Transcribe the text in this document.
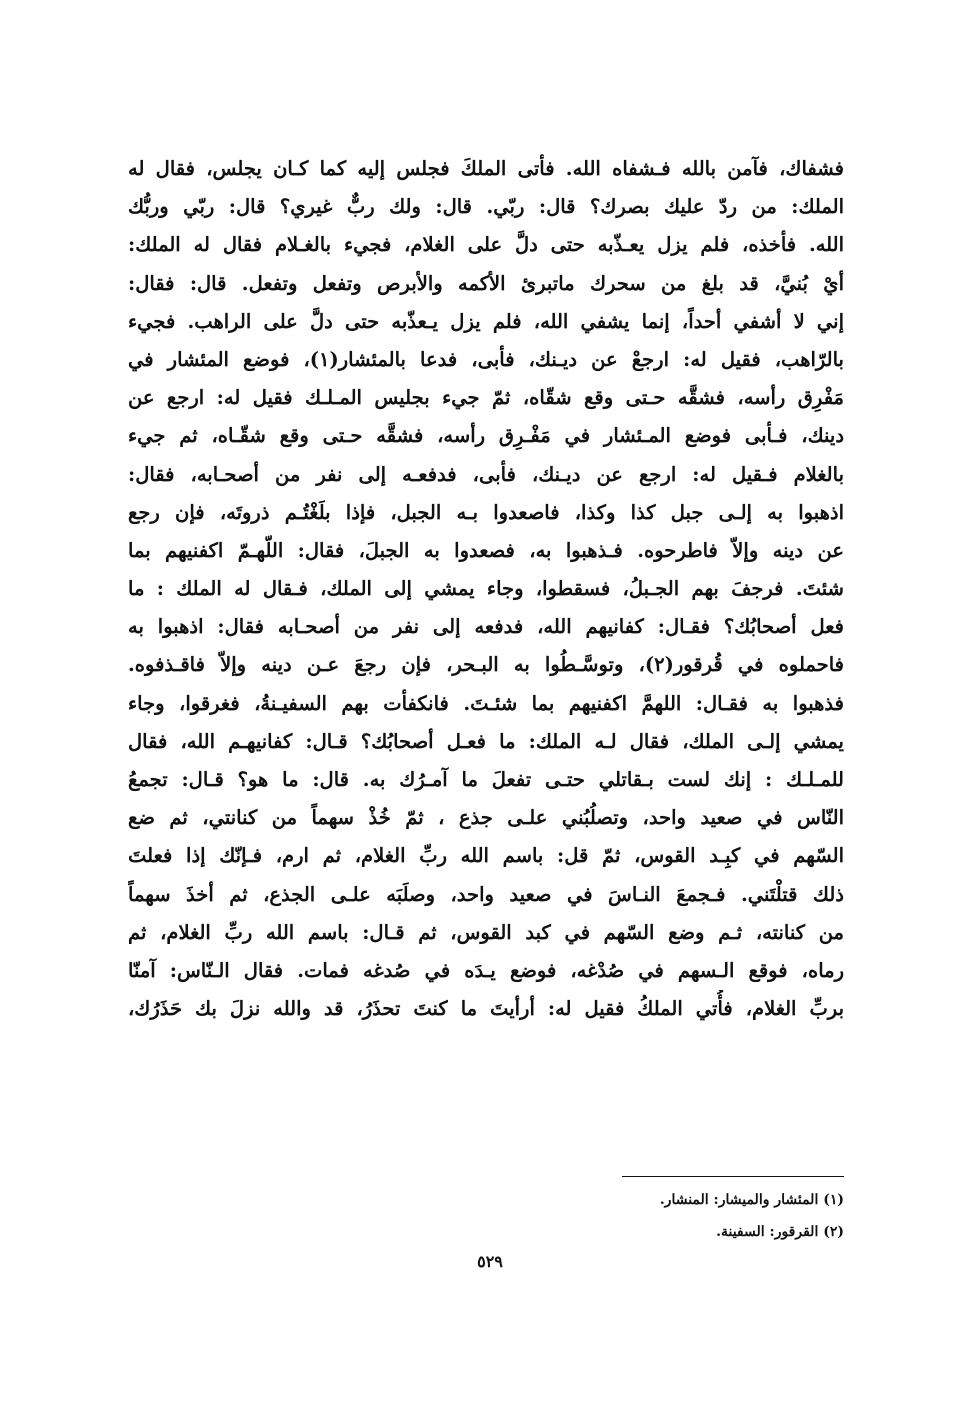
فشفاك، فآمن بالله فـشفاه الله. فأتى الملكَ فجلس إليه كما كـان يجلس، فقال له
الملك: من ردّ عليك بصرك؟ قال: ربّي. قال: ولك ربٌّ غيري؟ قال: ربّي وربُّك
الله. فأخذه، فلم يزل يعـذّبه حتى دلَّ على الغلام، فجيء بالغـلام فقال له الملك:
أيْ بُنيَّ، قد بلغ من سحرك ماتبرئ الأكمه والأبرص وتفعل وتفعل. قال: فقال:
إني لا أشفي أحداً، إنما يشفي الله، فلم يزل يـعذّبه حتى دلَّ على الراهب. فجيء
بالرّاهب، فقيل له: ارجعْ عن ديـنك، فأبى، فدعا بالمئشار(١)، فوضع المئشار في
مَفْرِق رأسه، فشقَّه حـتى وقع شقّاه، ثمّ جيء بجليس المـلـك فقيل له: ارجع عن
دينك، فـأبى فوضع المـئشار في مَفْـرِق رأسه، فشقَّه حـتى وقع شقّـاه، ثم جيء
بالغلام فـقيل له: ارجع عن ديـنك، فأبى، فدفعـه إلى نفر من أصحـابه، فقال:
اذهبوا به إلـى جبل كذا وكذا، فاصعدوا بـه الجبل، فإذا بلَغْتُـم ذروتَه، فإن رجع
عن دينه وإلاّ فاطرحوه. فـذهبوا به، فصعدوا به الجبلَ، فقال: اللّهـمّ اكفنيهم بما
شئتَ. فرجفَ بهم الجـبلُ، فسقطوا، وجاء يمشي إلى الملك، فـقال له الملك : ما
فعل أصحابُك؟ فقـال: كفانيهم الله، فدفعه إلى نفر من أصحـابه فقال: اذهبوا به
فاحملوه في قُرقور(٢)، وتوسَّـطُوا به البـحر، فإن رجعَ عـن دينه وإلاّ فاقـذفوه.
فذهبوا به فقـال: اللهمَّ اكفنيهم بما شئـتَ. فانكفأت بهم السفيـنةُ، فغرقوا، وجاء
يمشي إلـى الملك، فقال لـه الملك: ما فعـل أصحابُك؟ قـال: كفانيهـم الله، فقال
للمـلـك : إنك لست بـقاتلي حتـى تفعلَ ما آمـرُك به. قال: ما هو؟ قـال: تجمعُ
النّاس في صعيد واحد، وتصلُبُني علـى جذع ، ثمّ خُذْ سهماً من كنانتي، ثم ضع
السّهم في كبِـد القوس، ثمّ قل: باسم الله ربِّ الغلام، ثم ارم، فـإنّك إذا فعلتَ
ذلك قتلْتَني. فـجمعَ النـاسَ في صعيد واحد، وصلَبَه علـى الجذع، ثم أخذَ سهماً
من كنانته، ثـم وضع السّهم في كبد القوس، ثم قـال: باسم الله ربِّ الغلام، ثم
رماه، فوقع الـسهم في صُدْغه، فوضع يـدَه في صُدغه فمات. فقال الـنّاس: آمنّا
بربِّ الغلام، فأُتي الملكُ فقيل له: أرأيتَ ما كنتَ تحذَرُ، قد والله نزلَ بك حَذَرُك،
(١) المئشار والميشار: المنشار.
(٢) القرقور: السفينة.
٥٢٩
